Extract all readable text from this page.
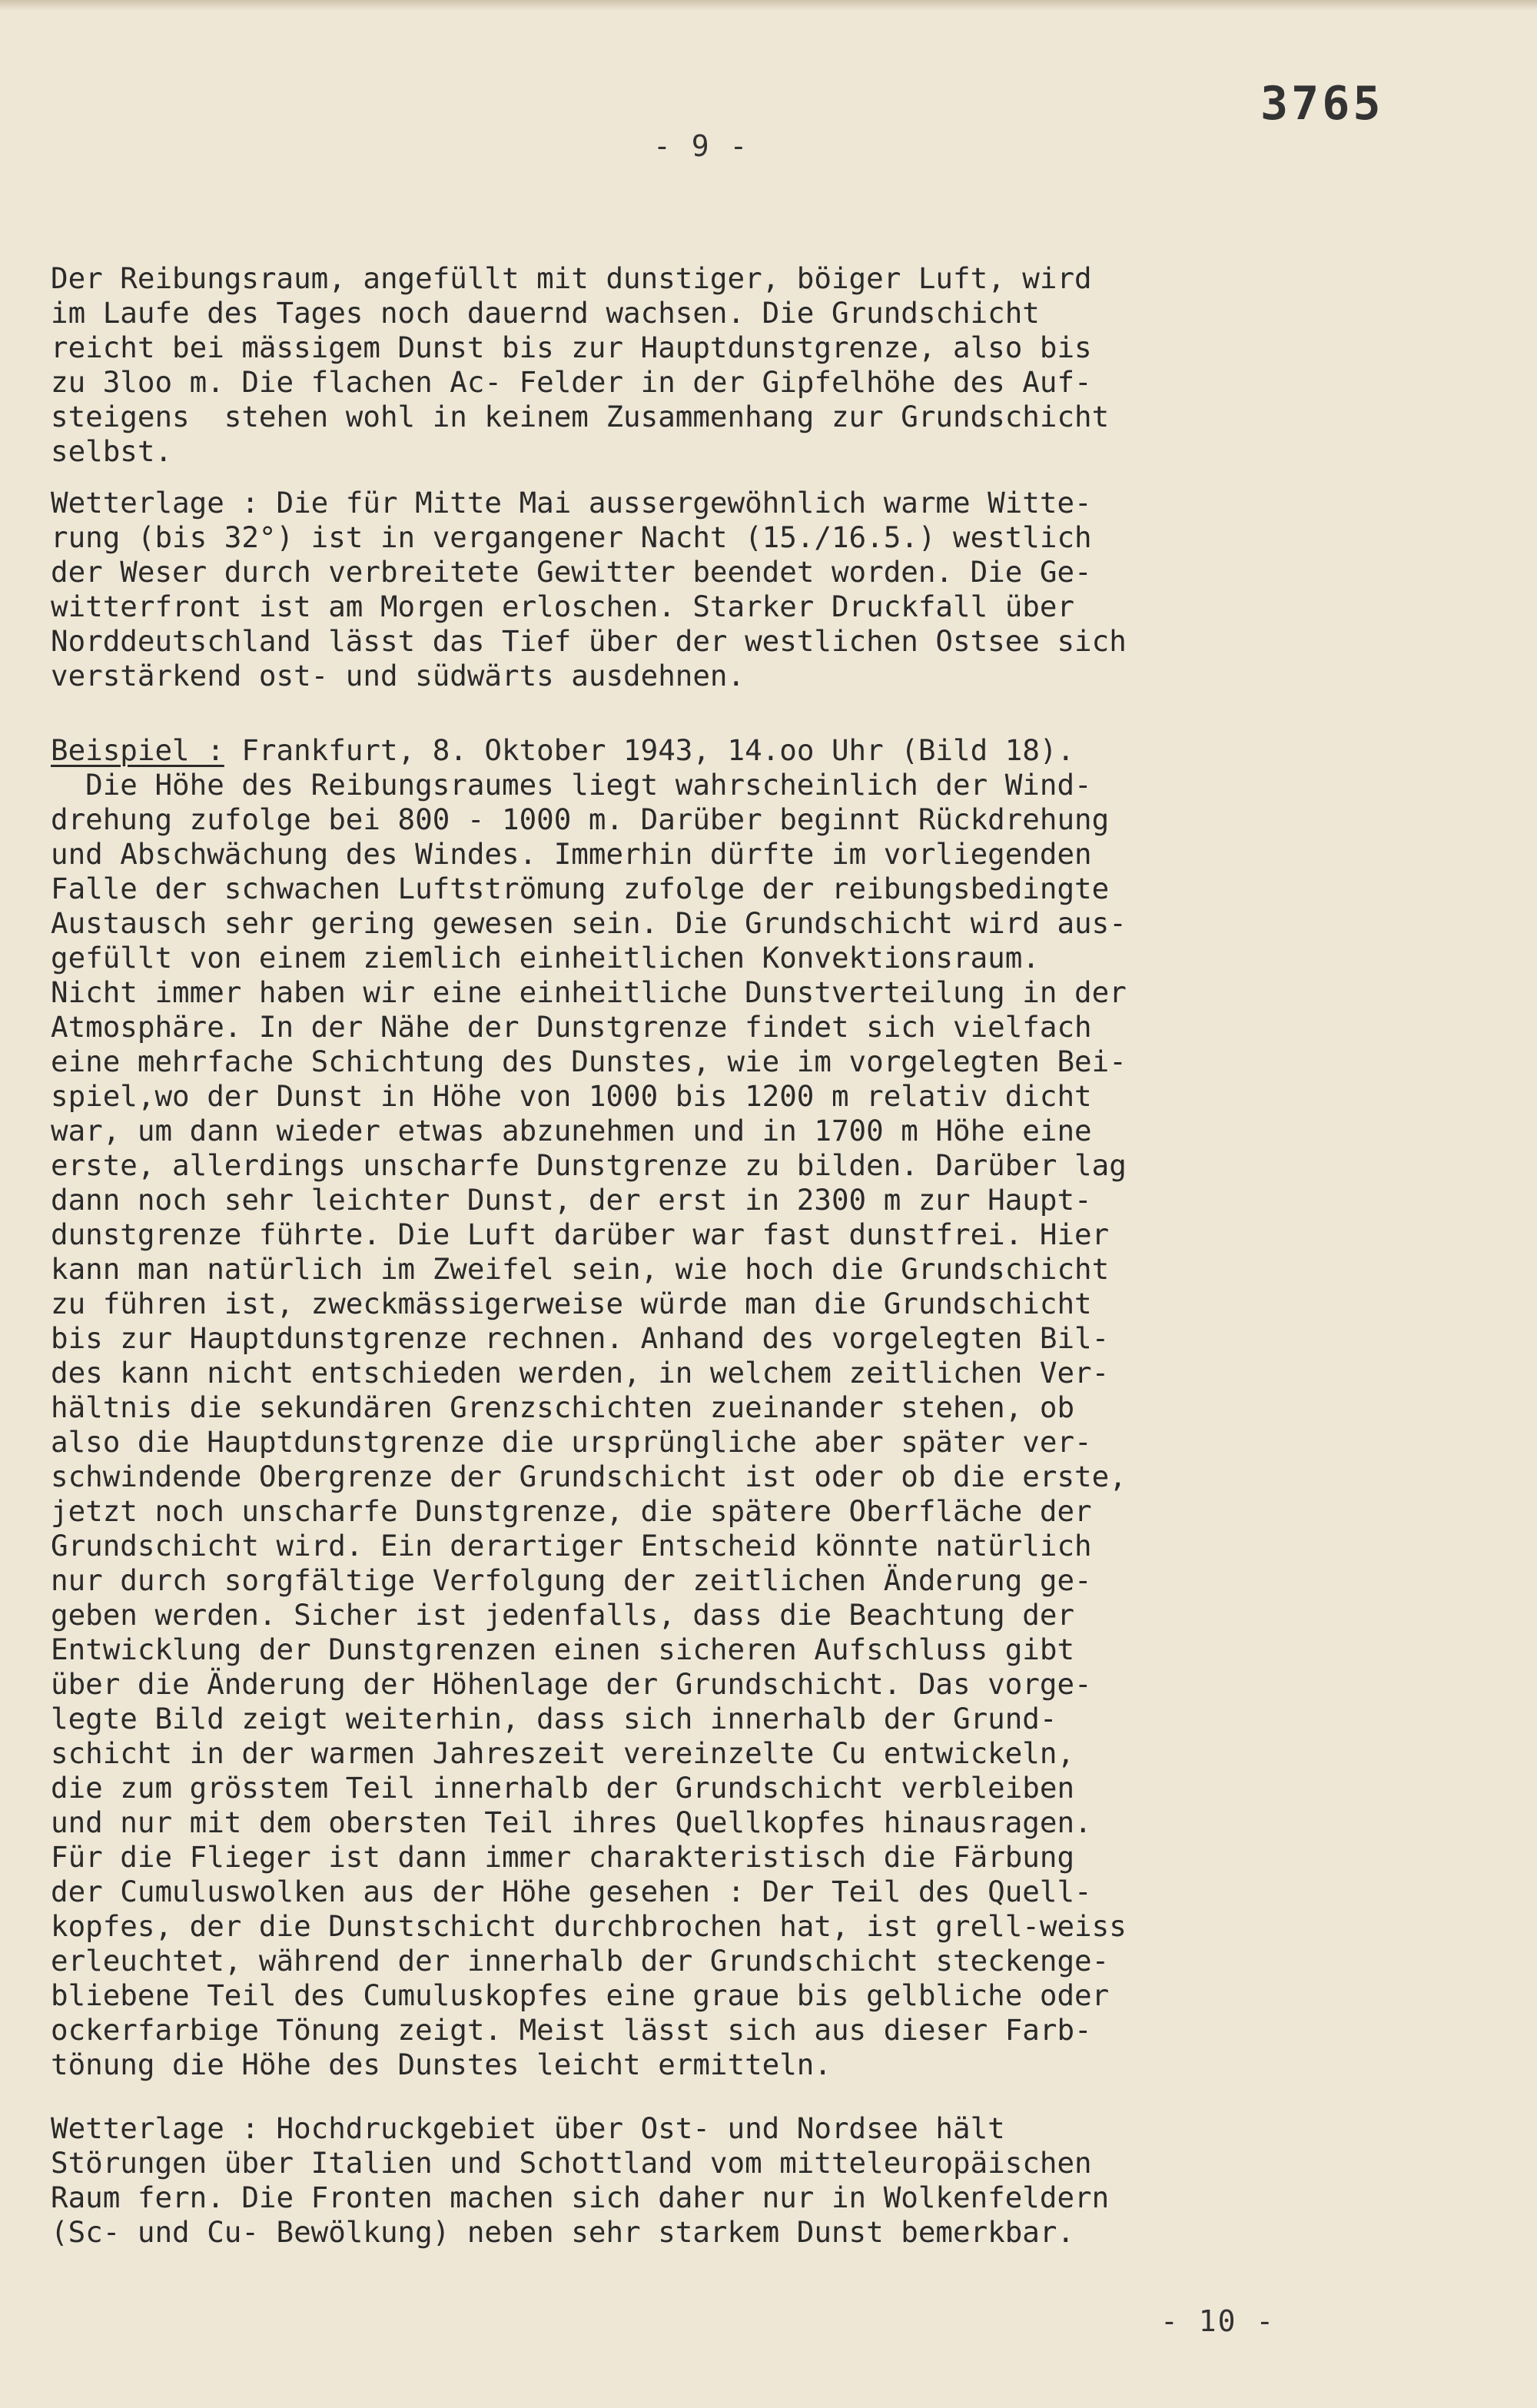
3765
- 9 -
Der Reibungsraum, angefüllt mit dunstiger, böiger Luft, wird
im Laufe des Tages noch dauernd wachsen. Die Grundschicht
reicht bei mässigem Dunst bis zur Hauptdunstgrenze, also bis
zu 3loo m. Die flachen Ac- Felder in der Gipfelhöhe des Auf-
steigens  stehen wohl in keinem Zusammenhang zur Grundschicht
selbst.
Wetterlage : Die für Mitte Mai aussergewöhnlich warme Witte-
rung (bis 32°) ist in vergangener Nacht (15./16.5.) westlich
der Weser durch verbreitete Gewitter beendet worden. Die Ge-
witterfront ist am Morgen erloschen. Starker Druckfall über
Norddeutschland lässt das Tief über der westlichen Ostsee sich
verstärkend ost- und südwärts ausdehnen.
Beispiel : Frankfurt, 8. Oktober 1943, 14.oo Uhr (Bild 18).
Die Höhe des Reibungsraumes liegt wahrscheinlich der Wind-
drehung zufolge bei 800 - 1000 m. Darüber beginnt Rückdrehung
und Abschwächung des Windes. Immerhin dürfte im vorliegenden
Falle der schwachen Luftströmung zufolge der reibungsbedingte
Austausch sehr gering gewesen sein. Die Grundschicht wird aus-
gefüllt von einem ziemlich einheitlichen Konvektionsraum.
Nicht immer haben wir eine einheitliche Dunstverteilung in der
Atmosphäre. In der Nähe der Dunstgrenze findet sich vielfach
eine mehrfache Schichtung des Dunstes, wie im vorgelegten Bei-
spiel,wo der Dunst in Höhe von 1000 bis 1200 m relativ dicht
war, um dann wieder etwas abzunehmen und in 1700 m Höhe eine
erste, allerdings unscharfe Dunstgrenze zu bilden. Darüber lag
dann noch sehr leichter Dunst, der erst in 2300 m zur Haupt-
dunstgrenze führte. Die Luft darüber war fast dunstfrei. Hier
kann man natürlich im Zweifel sein, wie hoch die Grundschicht
zu führen ist, zweckmässigerweise würde man die Grundschicht
bis zur Hauptdunstgrenze rechnen. Anhand des vorgelegten Bil-
des kann nicht entschieden werden, in welchem zeitlichen Ver-
hältnis die sekundären Grenzschichten zueinander stehen, ob
also die Hauptdunstgrenze die ursprüngliche aber später ver-
schwindende Obergrenze der Grundschicht ist oder ob die erste,
jetzt noch unscharfe Dunstgrenze, die spätere Oberfläche der
Grundschicht wird. Ein derartiger Entscheid könnte natürlich
nur durch sorgfältige Verfolgung der zeitlichen Änderung ge-
geben werden. Sicher ist jedenfalls, dass die Beachtung der
Entwicklung der Dunstgrenzen einen sicheren Aufschluss gibt
über die Änderung der Höhenlage der Grundschicht. Das vorge-
legte Bild zeigt weiterhin, dass sich innerhalb der Grund-
schicht in der warmen Jahreszeit vereinzelte Cu entwickeln,
die zum grösstem Teil innerhalb der Grundschicht verbleiben
und nur mit dem obersten Teil ihres Quellkopfes hinausragen.
Für die Flieger ist dann immer charakteristisch die Färbung
der Cumuluswolken aus der Höhe gesehen : Der Teil des Quell-
kopfes, der die Dunstschicht durchbrochen hat, ist grell-weiss
erleuchtet, während der innerhalb der Grundschicht steckenge-
bliebene Teil des Cumuluskopfes eine graue bis gelbliche oder
ockerfarbige Tönung zeigt. Meist lässt sich aus dieser Farb-
tönung die Höhe des Dunstes leicht ermitteln.
Wetterlage : Hochdruckgebiet über Ost- und Nordsee hält
Störungen über Italien und Schottland vom mitteleuropäischen
Raum fern. Die Fronten machen sich daher nur in Wolkenfeldern
(Sc- und Cu- Bewölkung) neben sehr starkem Dunst bemerkbar.
- 10 -
